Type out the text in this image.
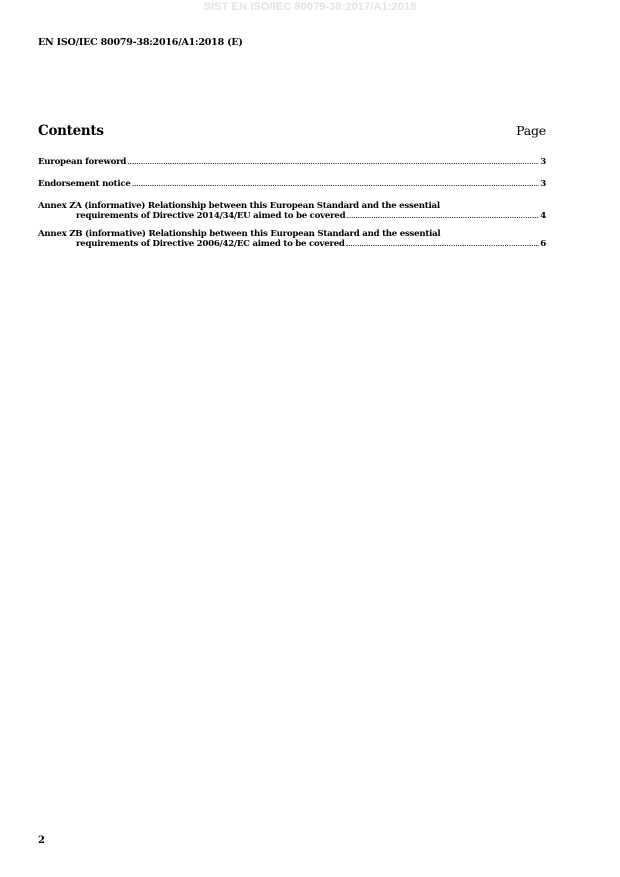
SIST EN ISO/IEC 80079-38:2017/A1:2018
EN ISO/IEC 80079-38:2016/A1:2018 (E)
Contents	Page
European foreword .....	3
Endorsement notice .....	3
Annex ZA (informative) Relationship between this European Standard and the essential
requirements of Directive 2014/34/EU aimed to be covered .....	4
Annex ZB (informative) Relationship between this European Standard and the essential
requirements of Directive 2006/42/EC aimed to be covered .....	6
2
